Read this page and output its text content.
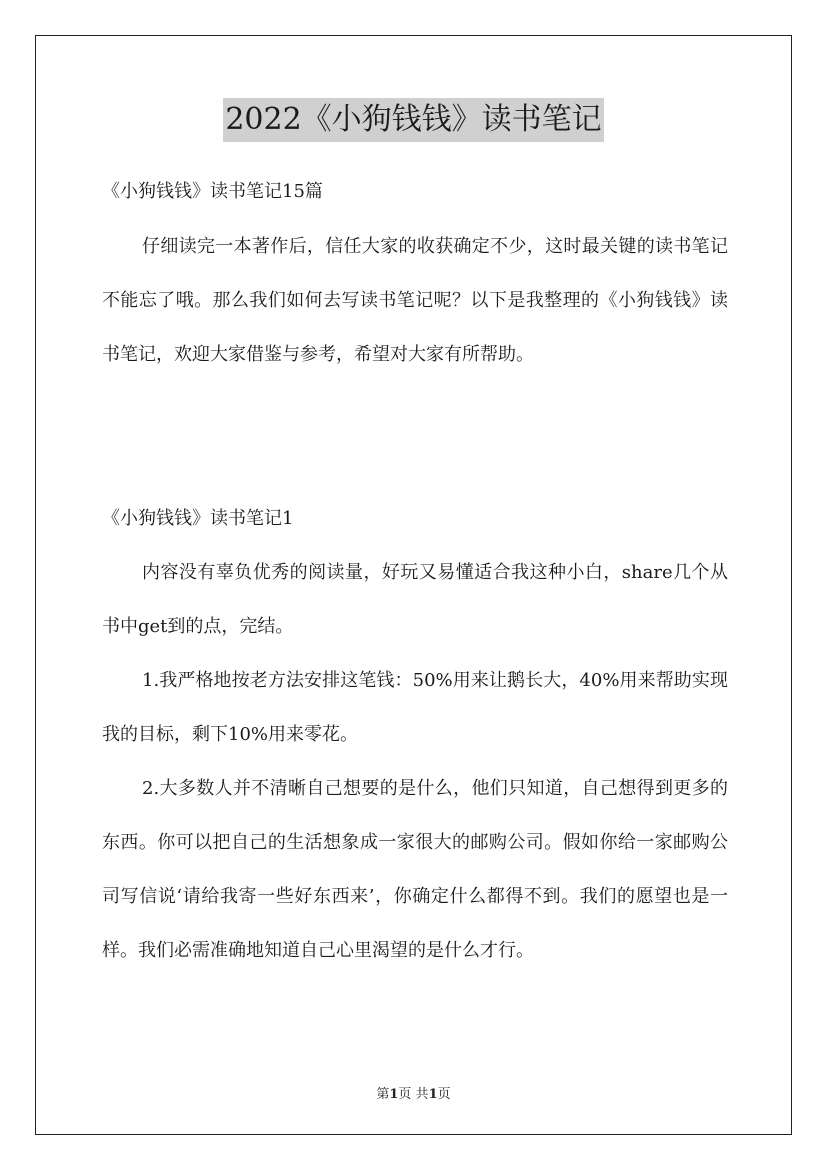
2022《小狗钱钱》读书笔记

《小狗钱钱》读书笔记15篇

仔细读完一本著作后，信任大家的收获确定不少，这时最关键的读书笔记不能忘了哦。那么我们如何去写读书笔记呢？以下是我整理的《小狗钱钱》读书笔记，欢迎大家借鉴与参考，希望对大家有所帮助。

《小狗钱钱》读书笔记1

内容没有辜负优秀的阅读量，好玩又易懂适合我这种小白，share几个从书中get到的点，完结。

1.我严格地按老方法安排这笔钱：50%用来让鹅长大，40%用来帮助实现我的目标，剩下10%用来零花。

2.大多数人并不清晰自己想要的是什么，他们只知道，自己想得到更多的东西。你可以把自己的生活想象成一家很大的邮购公司。假如你给一家邮购公司写信说‘请给我寄一些好东西来’，你确定什么都得不到。我们的愿望也是一样。我们必需准确地知道自己心里渴望的是什么才行。

第1页 共1页
